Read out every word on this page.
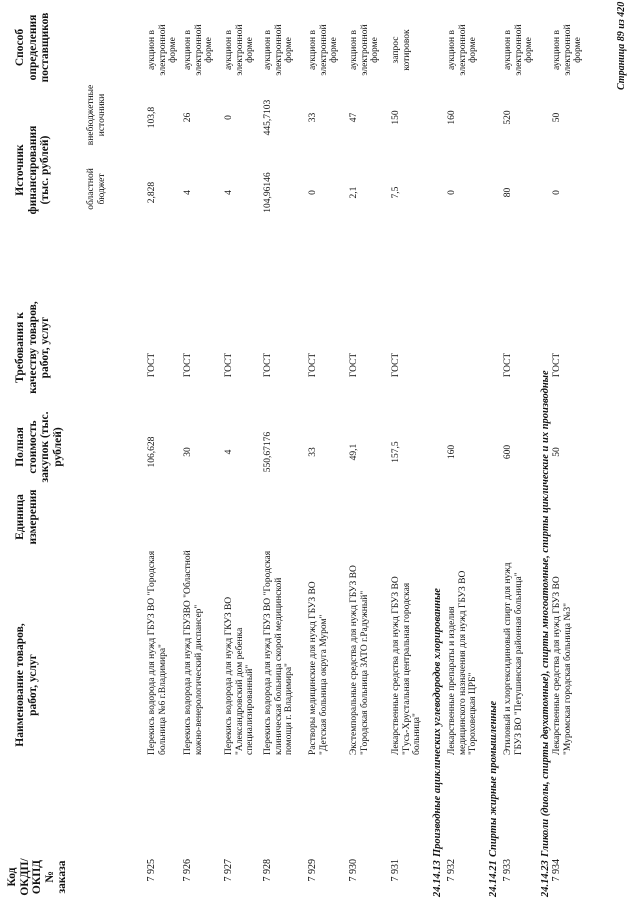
Код ОКДП/ ОКПД № заказа
Наименование товаров, работ, услуг
Единица измерения
Полная стоимость закупок (тыс. рублей)
Требования к качеству товаров, работ, услуг
Источник финансирования (тыс. рублей)	областной бюджет
внебюджетные источники
Способ определения поставщиков	Страница 89 из 420
7 925
Перекись водорода для нужд ГБУЗ ВО "Городская больница №6 г.Владимира"
106,628
ГОСТ
2,828
103,8
аукцион в электронной форме
7 926
Перекись водорода для нужд ГБУЗВО "Областной кожно-венерологический диспансер"
30
ГОСТ
4
26
аукцион в электронной форме
7 927
Перекись водорода для нужд ГКУЗ ВО "Александровский дом ребенка специализированный"
4
ГОСТ
4
0
аукцион в электронной форме
7 928
Перекись водорода для нужд ГБУЗ ВО "Городская клиническая больница скорой медицинской помощи г. Владимира"
550,67176
ГОСТ
104,96146
445,7103
аукцион в электронной форме
7 929
Растворы медицинские для нужд ГБУЗ ВО "Детская больница округа Муром"
33
ГОСТ
0
33
аукцион в электронной форме
7 930
Экстемпоральные средства для нужд ГБУЗ ВО "Городская больница ЗАТО г.Радужный"
49,1
ГОСТ
2,1
47
аукцион в электронной форме
7 931
Лекарственные средства для нужд ГБУЗ ВО "Гусь-Хрустальная центральная городская больница"
157,5
ГОСТ
7,5
150
запрос котировок
24.14.13Производные ациклических углеводородов хлорированные
7 932
Лекарственные препараты и изделия медицинского назначения для нужд ГБУЗ ВО "Гороховецкая ЦРБ"
160
0
160
аукцион в электронной форме
24.14.21Спирты жирные промышленные
7 933
Этиловый и хлоргексидиновый спирт для нужд ГБУЗ ВО "Петушинская районная больница"
600
ГОСТ
80
520
аукцион в электронной форме
24.14.23Гликоли (диолы, спирты двухатомные), спирты многоатомные, спирты циклические и их производные
7 934
Лекарственные средства для нужд ГБУЗ ВО "Муромская городская больница №3"
50
ГОСТ
0
50
аукцион в электронной форме
